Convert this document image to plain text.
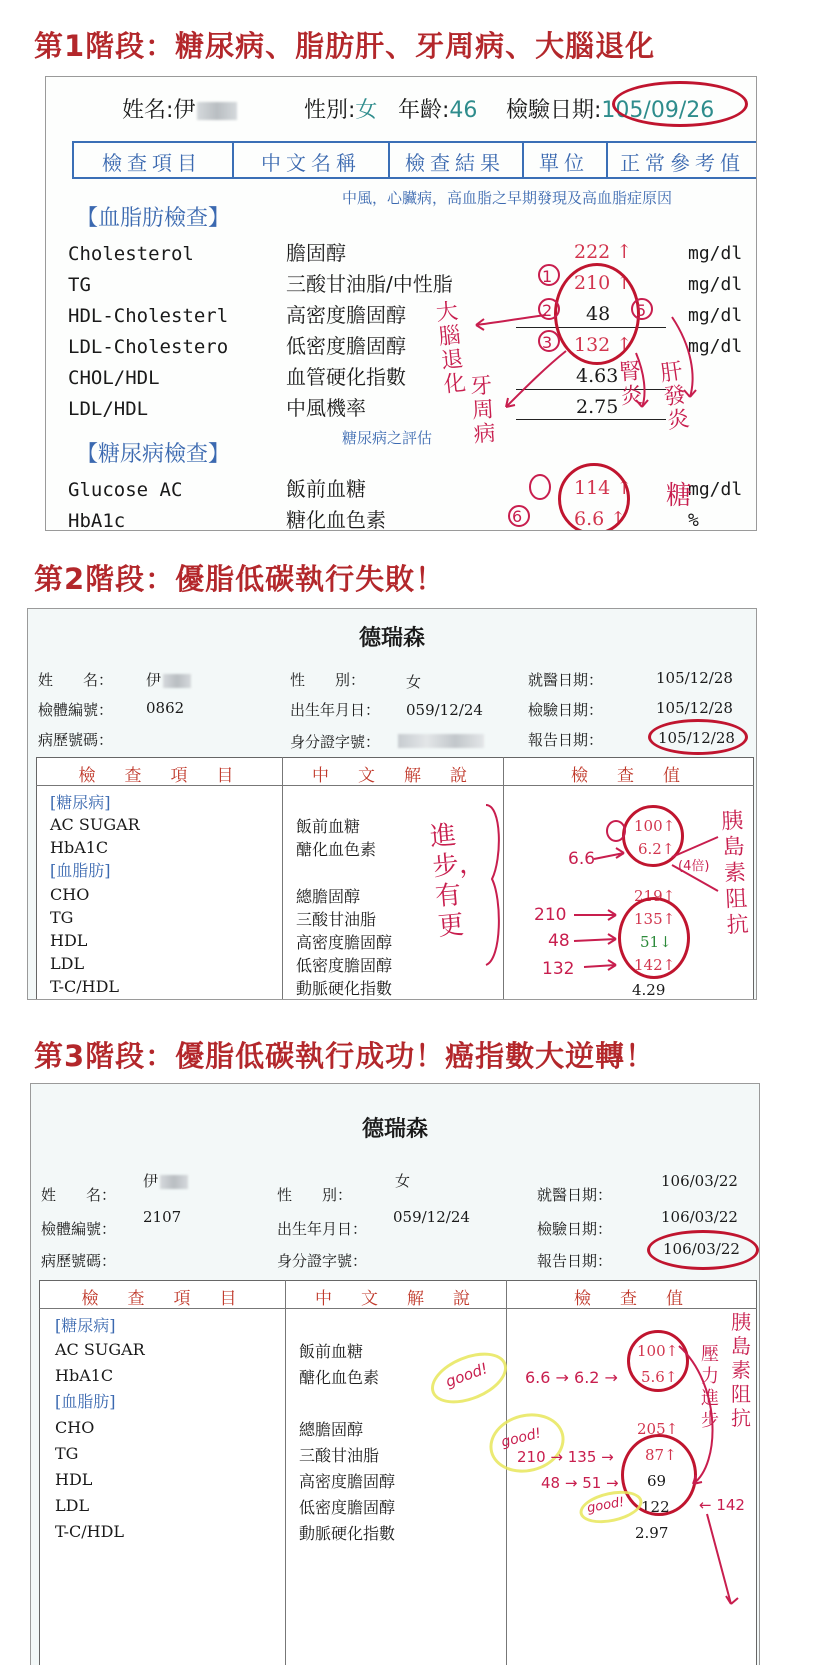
第1階段：糖尿病、脂肪肝、牙周病、大腦退化
姓名:伊	性別:女 年齡:46 檢驗日期:105/09/26
檢查項目	中文名稱	檢查結果	單位	正常參考值
【血脂肪檢查】
中風，心臟病，高血脂之早期發現及高血脂症原因
Cholesterol	膽固醇	222 ↑	mg/dl
TG	三酸甘油脂/中性脂	210 ↑	mg/dl
HDL-Cholesterl	高密度膽固醇	48	mg/dl
LDL-Cholestero	低密度膽固醇	132 ↑	mg/dl
CHOL/HDL	血管硬化指數	4.63
LDL/HDL	中風機率	2.75
糖尿病之評估
【糖尿病檢查】
Glucose AC	飯前血糖	114 ↑	mg/dl
HbA1c	糖化血色素	6.6 ↑	%
大腦退化 牙周病
腎炎
肝發炎
糖
1
2
3
5
6
第2階段：優脂低碳執行失敗！
德瑞森
姓　　名： 伊	性　　別：	女	就醫日期：	105/12/28
檢體編號： 0862	出生年月日： 059/12/24	檢驗日期：	105/12/28
病歷號碼：	身分證字號：	報告日期：	105/12/28
檢　查　項　目	中　文　解　說	檢　查　值
[糖尿病]
AC SUGAR	飯前血糖	100↑
HbA1C	醣化血色素	6.2↑
[血脂肪]
CHO	總膽固醇	219↑
TG	三酸甘油脂	135↑
HDL	高密度膽固醇	51↓
LDL	低密度膽固醇	142↑
T-C/HDL	動脈硬化指數	4.29
進步，有更
6.6
210
48
132
(4倍)
胰島素阻抗
第3階段：優脂低碳執行成功！癌指數大逆轉！
德瑞森
姓　　名：
伊
性　　別：
女
就醫日期：
106/03/22
檢體編號：
2107
出生年月日：
059/12/24
檢驗日期：
106/03/22
病歷號碼：	身分證字號：	報告日期：
106/03/22
檢　查　項　目	中　文　解　說	檢　查　值
[糖尿病]
AC SUGAR	飯前血糖	100↑
HbA1C	醣化血色素	5.6↑
[血脂肪]
CHO	總膽固醇	205↑
TG	三酸甘油脂	87↑
HDL	高密度膽固醇	69
LDL	低密度膽固醇	122
T-C/HDL	動脈硬化指數	2.97
good!
good!
good!
6.6 → 6.2 →
210 → 135 →
48 → 51 →
← 142
胰島素阻抗
壓力進步
